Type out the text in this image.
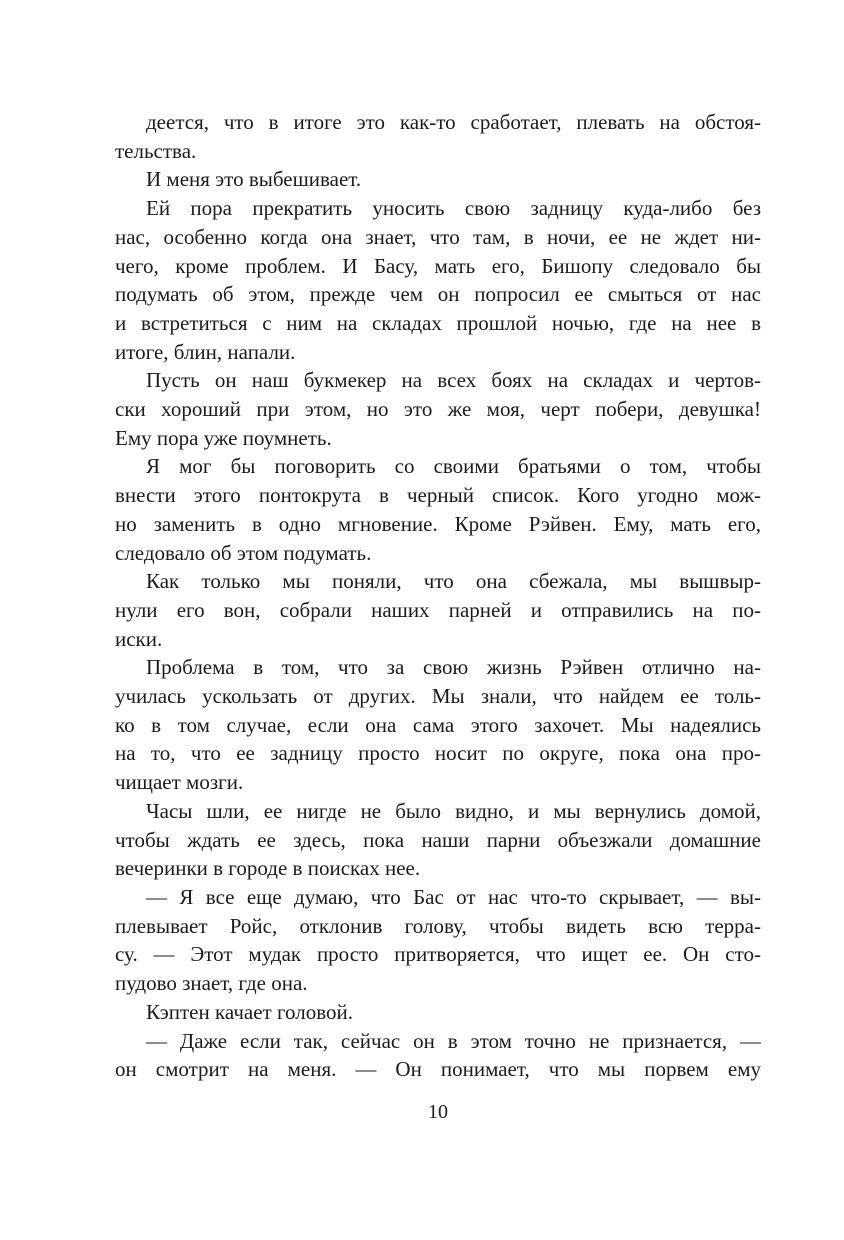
деется, что в итоге это как-то сработает, плевать на обстоя-
тельства.

И меня это выбешивает.

Ей пора прекратить уносить свою задницу куда-либо без
нас, особенно когда она знает, что там, в ночи, ее не ждет ни-
чего, кроме проблем. И Басу, мать его, Бишопу следовало бы
подумать об этом, прежде чем он попросил ее смыться от нас
и встретиться с ним на складах прошлой ночью, где на нее в
итоге, блин, напали.

Пусть он наш букмекер на всех боях на складах и чертов-
ски хороший при этом, но это же моя, черт побери, девушка!
Ему пора уже поумнеть.

Я мог бы поговорить со своими братьями о том, чтобы
внести этого понтокрута в черный список. Кого угодно мож-
но заменить в одно мгновение. Кроме Рэйвен. Ему, мать его,
следовало об этом подумать.

Как только мы поняли, что она сбежала, мы вышвыр-
нули его вон, собрали наших парней и отправились на по-
иски.

Проблема в том, что за свою жизнь Рэйвен отлично на-
училась ускользать от других. Мы знали, что найдем ее толь-
ко в том случае, если она сама этого захочет. Мы надеялись
на то, что ее задницу просто носит по округе, пока она про-
чищает мозги.

Часы шли, ее нигде не было видно, и мы вернулись домой,
чтобы ждать ее здесь, пока наши парни объезжали домашние
вечеринки в городе в поисках нее.

— Я все еще думаю, что Бас от нас что-то скрывает, — вы-
плевывает Ройс, отклонив голову, чтобы видеть всю терра-
су. — Этот мудак просто притворяется, что ищет ее. Он сто-
пудово знает, где она.

Кэптен качает головой.

— Даже если так, сейчас он в этом точно не признается, —
он смотрит на меня. — Он понимает, что мы порвем ему

10
